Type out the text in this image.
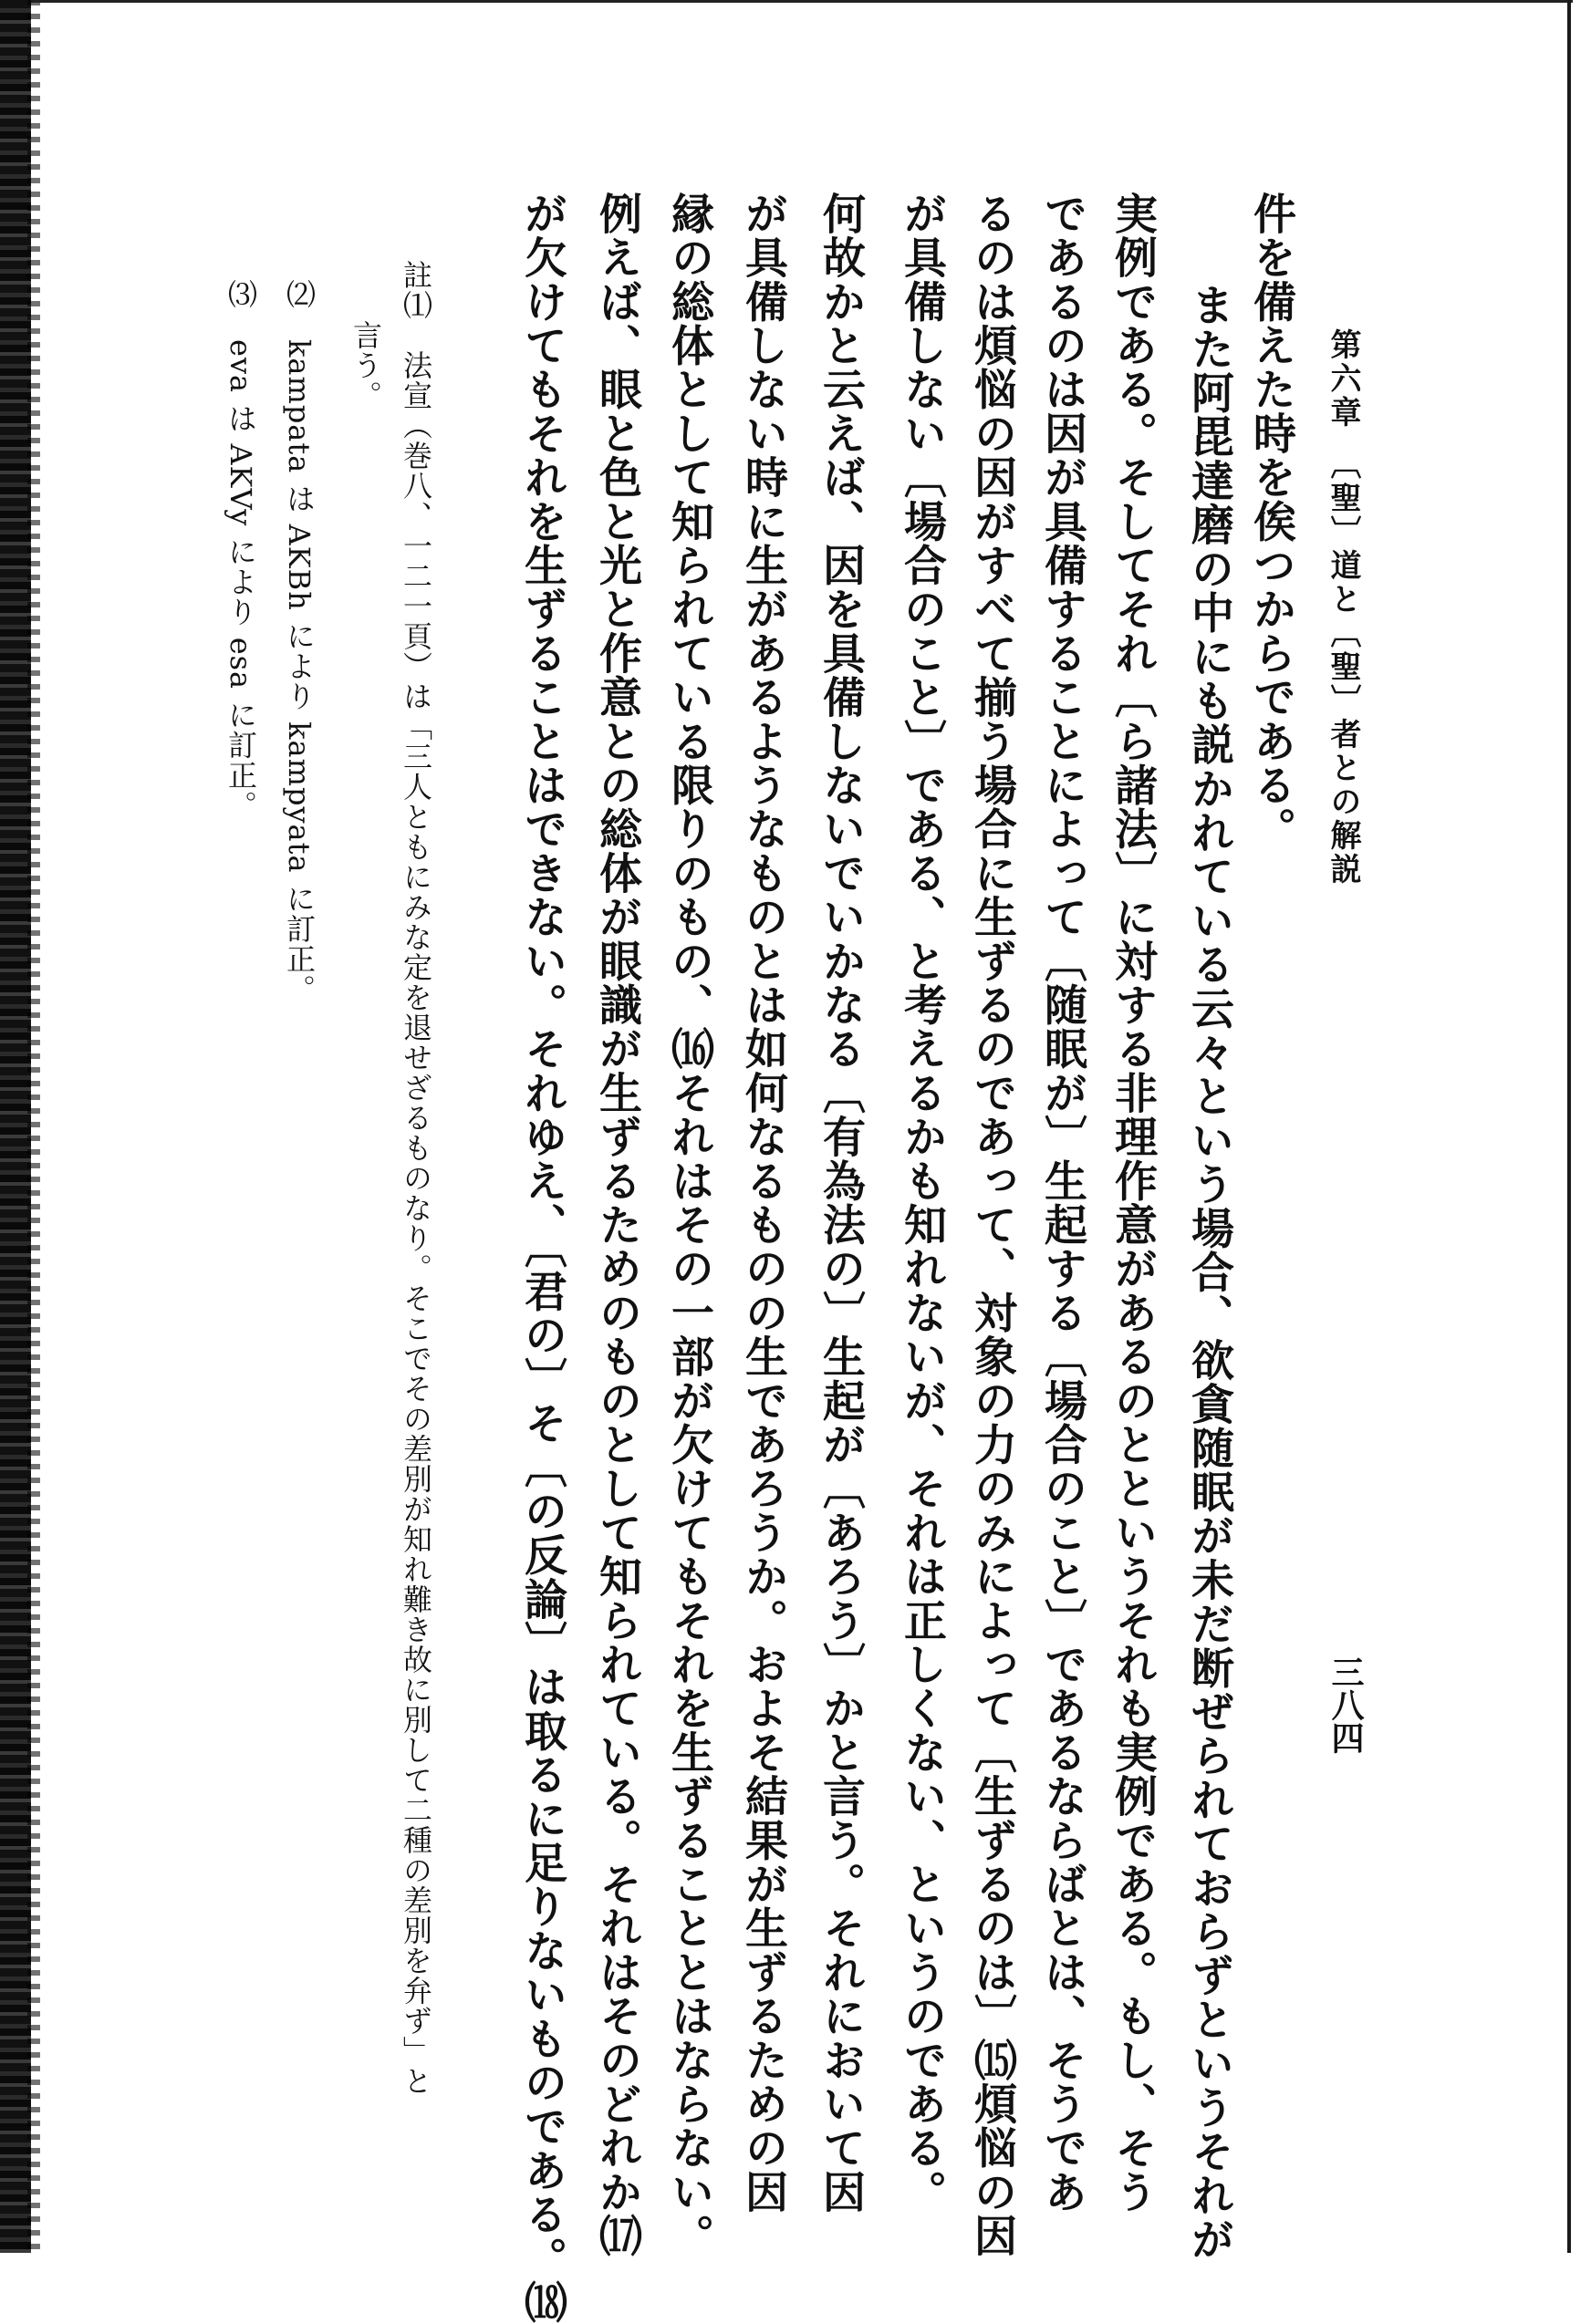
第六章　〔聖〕道と〔聖〕者との解説
三八四
件を備えた時を俟つからである。
　また阿毘達磨の中にも説かれている云々という場合、欲貪随眠が未だ断ぜられておらずというそれが
実例である。そしてそれ〔ら諸法〕に対する非理作意があるのとというそれも実例である。もし、そう
であるのは因が具備することによって〔随眠が〕生起する〔場合のこと〕であるならばとは、そうであ
るのは煩悩の因がすべて揃う場合に生ずるのであって、対象の力のみによって〔生ずるのは〕⒂煩悩の因
が具備しない〔場合のこと〕である、と考えるかも知れないが、それは正しくない、というのである。
何故かと云えば、因を具備しないでいかなる〔有為法の〕生起が〔あろう〕かと言う。それにおいて因
が具備しない時に生があるようなものとは如何なるものの生であろうか。およそ結果が生ずるための因
縁の総体として知られている限りのもの、⒃それはその一部が欠けてもそれを生ずることとはならない。
例えば、眼と色と光と作意との総体が眼識が生ずるためのものとして知られている。それはそのどれか⒄
が欠けてもそれを生ずることはできない。それゆえ、〔君の〕そ〔の反論〕は取るに足りないものである。⒅
註⑴　法宣（巻八、一二一頁）は「三人ともにみな定を退せざるものなり。そこでその差別が知れ難き故に別して二種の差別を弁ず」と
　　言う。
⑵　kampata は AKBh により kampyata に訂正。
⑶　eva は AKVy により esa に訂正。
